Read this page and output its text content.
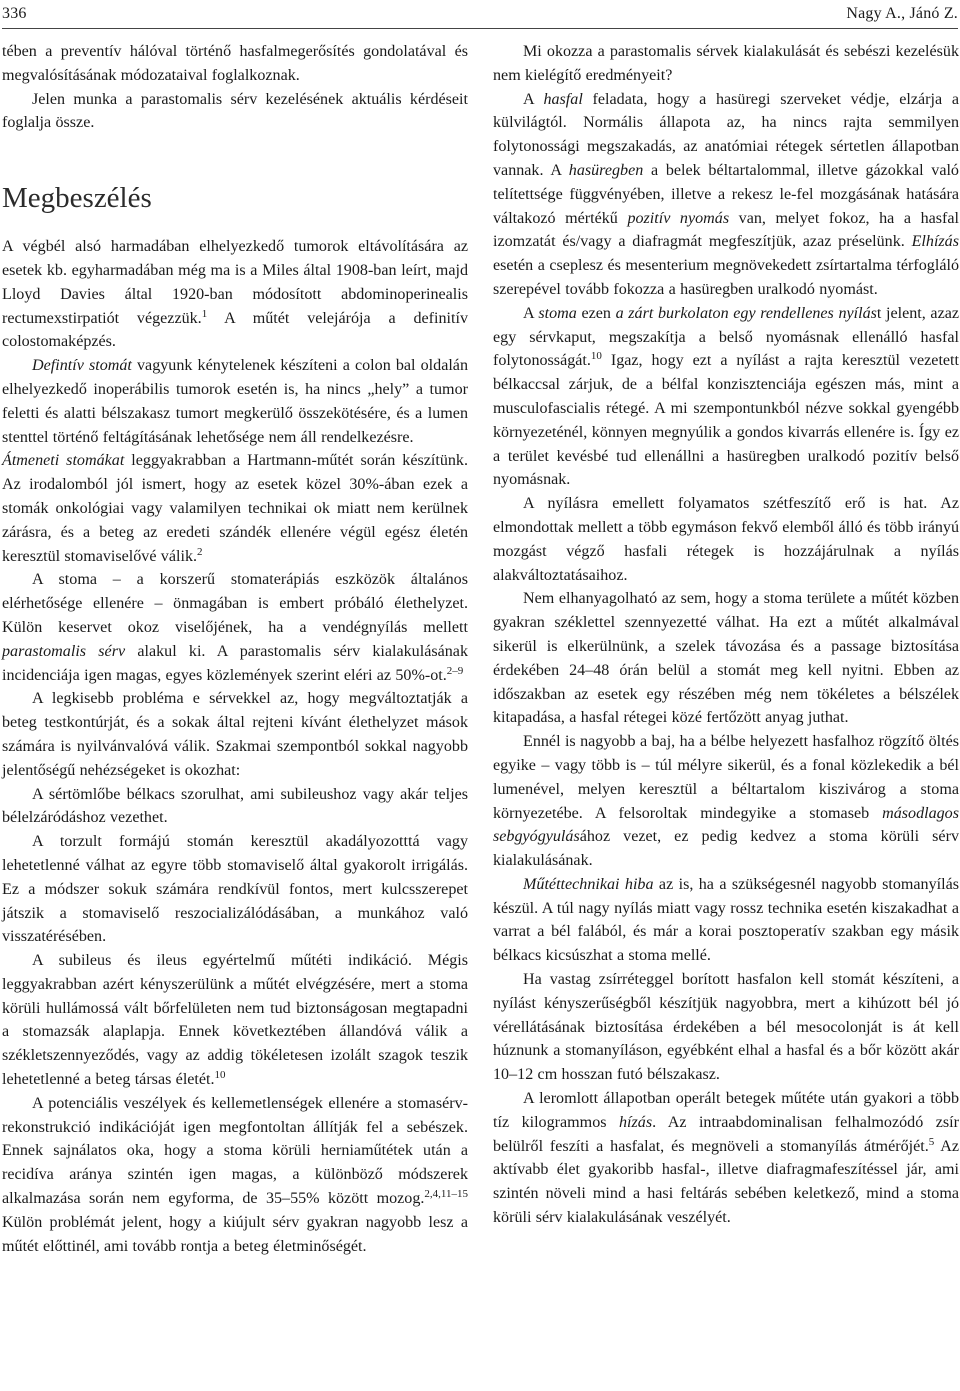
336	Nagy A., Jánó Z.

tében a preventív hálóval történő hasfalmegerősítés gondolatával és megvalósításának módozataival foglalkoznak.

Jelen munka a parastomalis sérv kezelésének aktuális kérdéseit foglalja össze.

Megbeszélés

A végbél alsó harmadában elhelyezkedő tumorok eltávolítására az esetek kb. egyharmadában még ma is a Miles által 1908-ban leírt, majd Lloyd Davies által 1920-ban módosított abdominoperinealis rectumexstirpatiót végezzük.$^1$ A műtét velejárója a definitív colostomaképzés.

Defintív stomát vagyunk kénytelenek készíteni a colon bal oldalán elhelyezkedő inoperábilis tumorok esetén is, ha nincs „hely” a tumor feletti és alatti bélszakasz tumort megkerülő összekötésére, és a lumen stenttel történő feltágításának lehetősége nem áll rendelkezésre.

Átmeneti stomákat leggyakrabban a Hartmann-műtét során készítünk. Az irodalomból jól ismert, hogy az esetek közel 30%-ában ezek a stomák onkológiai vagy valamilyen technikai ok miatt nem kerülnek zárásra, és a beteg az eredeti szándék ellenére végül egész életén keresztül stomaviselővé válik.$^2$

A stoma – a korszerű stomaterápiás eszközök általános elérhetősége ellenére – önmagában is embert próbáló élethelyzet. Külön keservet okoz viselőjének, ha a vendégnyílás mellett parastomalis sérv alakul ki. A parastomalis sérv kialakulásának incidenciája igen magas, egyes közlemények szerint eléri az 50%-ot.$^{2-9}$

A legkisebb probléma e sérvekkel az, hogy megváltoztatják a beteg testkontúrját, és a sokak által rejteni kívánt élethelyzet mások számára is nyilvánvalóvá válik. Szakmai szempontból sokkal nagyobb jelentőségű nehézségeket is okozhat:

A sértömlőbe bélkacs szorulhat, ami subileushoz vagy akár teljes bélelzáródáshoz vezethet.

A torzult formájú stomán keresztül akadályozotttá vagy lehetetlenné válhat az egyre több stomaviselő által gyakorolt irrigálás. Ez a módszer sokuk számára rendkívül fontos, mert kulcsszerepet játszik a stomaviselő reszocializálódásában, a munkához való visszatérésében.

A subileus és ileus egyértelmű műtéti indikáció. Mégis leggyakrabban azért kényszerülünk a műtét elvégzésére, mert a stoma körüli hullámossá vált bőrfelületen nem tud biztonságosan megtapadni a stomazsák alaplapja. Ennek következtében állandóvá válik a székletszennyeződés, vagy az addig tökéletesen izolált szagok teszik lehetetlenné a beteg társas életét.$^{10}$

A potenciális veszélyek és kellemetlenségek ellenére a stomasérv-rekonstrukció indikációját igen megfontoltan állítják fel a sebészek. Ennek sajnálatos oka, hogy a stoma körüli herniaműtétek után a recidíva aránya szintén igen magas, a különböző módszerek alkalmazása során nem egyforma, de 35–55% között mozog.$^{2,4,11-15}$ Külön problémát jelent, hogy a kiújult sérv gyakran nagyobb lesz a műtét előttinél, ami tovább rontja a beteg életminőségét.

Mi okozza a parastomalis sérvek kialakulását és sebészi kezelésük nem kielégítő eredményeit?

A hasfal feladata, hogy a hasüregi szerveket védje, elzárja a külvilágtól. Normális állapota az, ha nincs rajta semmilyen folytonossági megszakadás, az anatómiai rétegek sértetlen állapotban vannak. A hasüregben a belek béltartalommal, illetve gázokkal való telítettsége függvényében, illetve a rekesz le-fel mozgásának hatására váltakozó mértékű pozitív nyomás van, melyet fokoz, ha a hasfal izomzatát és/vagy a diafragmát megfeszítjük, azaz préselünk. Elhízás esetén a cseplesz és mesenterium megnövekedett zsírtartalma térfogláló szerepével tovább fokozza a hasüregben uralkodó nyomást.

A stoma ezen a zárt burkolaton egy rendellenes nyílást jelent, azaz egy sérvkaput, megszakítja a belső nyomásnak ellenálló hasfal folytonosságát.$^{10}$ Igaz, hogy ezt a nyílást a rajta keresztül vezetett bélkaccsal zárjuk, de a bélfal konzisztenciája egészen más, mint a musculofascialis rétegé. A mi szempontunkból nézve sokkal gyengébb környezeténél, könnyen megnyúlik a gondos kivarrás ellenére is. Így ez a terület kevésbé tud ellenállni a hasüregben uralkodó pozitív belső nyomásnak.

A nyílásra emellett folyamatos szétfeszítő erő is hat. Az elmondottak mellett a több egymáson fekvő elemből álló és több irányú mozgást végző hasfali rétegek is hozzájárulnak a nyílás alakváltoztatásaihoz.

Nem elhanyagolható az sem, hogy a stoma területe a műtét közben gyakran széklettel szennyezetté válhat. Ha ezt a műtét alkalmával sikerül is elkerülnünk, a szelek távozása és a passage biztosítása érdekében 24–48 órán belül a stomát meg kell nyitni. Ebben az időszakban az esetek egy részében még nem tökéletes a bélszélek kitapadása, a hasfal rétegei közé fertőzött anyag juthat.

Ennél is nagyobb a baj, ha a bélbe helyezett hasfalhoz rögzítő öltés egyike – vagy több is – túl mélyre sikerül, és a fonal közlekedik a bél lumenével, melyen keresztül a béltartalom kiszivárog a stoma környezetébe. A felsoroltak mindegyike a stomaseb másodlagos sebgyógyulásához vezet, ez pedig kedvez a stoma körüli sérv kialakulásának.

Műtéttechnikai hiba az is, ha a szükségesnél nagyobb stomanyílás készül. A túl nagy nyílás miatt vagy rossz technika esetén kiszakadhat a varrat a bél falából, és már a korai posztoperatív szakban egy másik bélkacs kicsúszhat a stoma mellé.

Ha vastag zsírréteggel borított hasfalon kell stomát készíteni, a nyílást kényszerűségből készítjük nagyobbra, mert a kihúzott bél jó vérellátásának biztosítása érdekében a bél mesocolonját is át kell húznunk a stomanyíláson, egyébként elhal a hasfal és a bőr között akár 10–12 cm hosszan futó bélszakasz.

A leromlott állapotban operált betegek műtéte után gyakori a több tíz kilogrammos hízás. Az intraabdominalisan felhalmozódó zsír belülről feszíti a hasfalat, és megnöveli a stomanyílás átmérőjét.$^5$ Az aktívabb élet gyakoribb hasfal-, illetve diafragmafeszítéssel jár, ami szintén növeli mind a hasi feltárás sebében keletkező, mind a stoma körüli sérv kialakulásának veszélyét.
